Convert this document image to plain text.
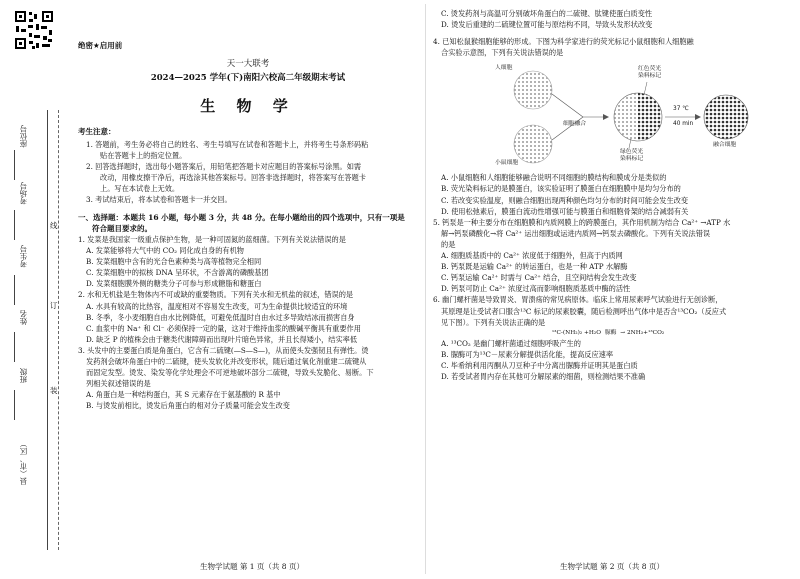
座位号
考场号
考生号
姓名
班级
县（市、区）
线
订
装
绝密★启用前
天一大联考
2024—2025 学年(下)南阳六校高二年级期末考试
生 物 学
考生注意：
1. 答题前，考生务必将自己的姓名、考生号填写在试卷和答题卡上，并将考生号条形码粘
贴在答题卡上的指定位置。
2. 回答选择题时，选出每小题答案后，用铅笔把答题卡对应题目的答案标号涂黑。如需
改动，用橡皮擦干净后，再选涂其他答案标号。回答非选择题时，将答案写在答题卡
上。写在本试卷上无效。
3. 考试结束后，将本试卷和答题卡一并交回。
一、选择题：本题共 16 小题，每小题 3 分，共 48 分。在每小题给出的四个选项中，只有一项是
符合题目要求的。
1. 发菜是我国家一级重点保护生物，是一种可固氮的蓝细菌。下列有关说法错误的是
A. 发菜能够将大气中的 CO₂ 同化成自身的有机物
B. 发菜细胞中含有的光合色素种类与高等植物完全相同
C. 发菜细胞中的拟核 DNA 呈环状，不含游离的磷酸基团
D. 发菜细胞膜外侧的糖类分子可参与形成糖脂和糖蛋白
2. 水和无机盐是生物体内不可或缺的重要物质。下列有关水和无机盐的叙述，错误的是
A. 水具有较高的比热容，温度相对不容易发生改变，可为生命提供比较适宜的环境
B. 冬季，冬小麦细胞自由水比例降低，可避免低温时自由水过多导致结冰而损害自身
C. 血浆中的 Na⁺ 和 Cl⁻ 必须保持一定的量，这对于维持血浆的酸碱平衡具有重要作用
D. 缺乏 P 的植株会由于糖类代谢障碍而出现叶片暗色异常，并且长得矮小，结实率低
3. 头发中的主要蛋白质是角蛋白，它含有二硫键(—S—S—)，从而使头发强韧且有弹性。烫
发药剂会破坏角蛋白中的二硫键，使头发软化并改变形状，随后通过氧化剂重建二硫键从
而固定发型。烫发、染发等化学处理会不可逆地破坏部分二硫键，导致头发脆化、易断。下
列相关叙述错误的是
A. 角蛋白是一种结构蛋白，其 S 元素存在于氨基酸的 R 基中
B. 与烫发前相比，烫发后角蛋白的相对分子质量可能会发生改变
C. 烫发药剂与高温可分别破坏角蛋白的二硫键、肽键使蛋白质变性
D. 烫发后重建的二硫键位置可能与原结构不同，导致头发形状改变
4. 已知松鼠猴细胞能够的形成。下图为科学家进行的荧光标记小鼠细胞和人细胞融
合实验示意图，下列有关说法错误的是
人细胞
小鼠细胞
细胞融合
红色荧光
染料标记
绿色荧光
染料标记
37 ℃
40 min
融合细胞
A. 小鼠细胞和人细胞能够融合说明不同细胞的膜结构和膜成分是类似的
B. 荧光染料标记的是膜蛋白，该实验证明了膜蛋白在细胞膜中是均匀分布的
C. 若改变实验温度，则融合细胞出现两种颜色均匀分布的时间可能会发生改变
D. 使用松弛素后，膜蛋白流动性增强可能与膜蛋白和细胞骨架的结合减弱有关
5. 钙泵是一种主要分布在细胞膜和内质网膜上的跨膜蛋白，其作用机制为结合 Ca²⁺ →ATP 水
解→钙泵磷酸化→将 Ca²⁺ 运出细胞或运进内质网→钙泵去磷酸化。下列有关说法错误
的是
A. 细胞质基质中的 Ca²⁺ 浓度低于细胞外，但高于内质网
B. 钙泵既是运输 Ca²⁺ 的转运蛋白，也是一种 ATP 水解酶
C. 钙泵运输 Ca²⁺ 时需与 Ca²⁺ 结合，且空间结构会发生改变
D. 钙泵可防止 Ca²⁺ 浓度过高而影响细胞质基质中酶的活性
6. 幽门螺杆菌是导致胃炎、胃溃疡的常见病原体。临床上常用尿素呼气试验进行无创诊断，
其原理是让受试者口服含¹³C 标记的尿素胶囊，随后检测呼出气体中是否含¹³CO₂（反应式
见下图）。下列有关说法正确的是
¹³C-(NH₂)₂ +H₂O 脲酶 → 2NH₃+¹³CO₂
A. ¹³CO₂ 是幽门螺杆菌通过细胞呼吸产生的
B. 脲酶可为¹³C－尿素分解提供活化能，提高反应速率
C. 毕希纳利用丙酮从刀豆种子中分离出脲酶并证明其是蛋白质
D. 若受试者胃内存在其他可分解尿素的细菌，则检测结果不准确
生物学试题 第 1 页（共 8 页）	生物学试题 第 2 页（共 8 页）
